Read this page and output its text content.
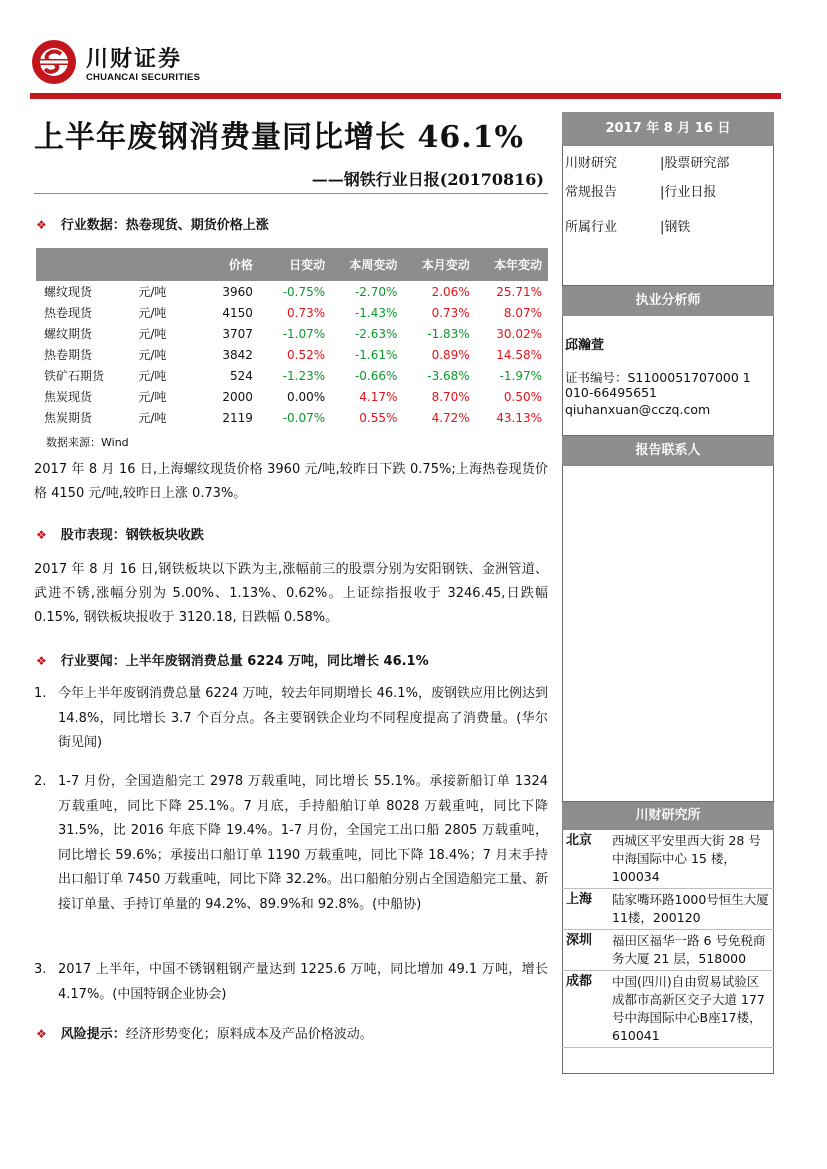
川财证券
CHUANCAI SECURITIES
上半年废钢消费量同比增长 46.1%
——钢铁行业日报(20170816)
❖ 行业数据：热卷现货、期货价格上涨
		价格	日变动	本周变动	本月变动	本年变动
螺纹现货	元/吨	3960	-0.75%	-2.70%	2.06%	25.71%
热卷现货	元/吨	4150	0.73%	-1.43%	0.73%	8.07%
螺纹期货	元/吨	3707	-1.07%	-2.63%	-1.83%	30.02%
热卷期货	元/吨	3842	0.52%	-1.61%	0.89%	14.58%
铁矿石期货	元/吨	524	-1.23%	-0.66%	-3.68%	-1.97%
焦炭现货	元/吨	2000	0.00%	4.17%	8.70%	0.50%
焦炭期货	元/吨	2119	-0.07%	0.55%	4.72%	43.13%
数据来源：Wind
2017 年 8 月 16 日,上海螺纹现货价格 3960 元/吨,较昨日下跌 0.75%;上海热卷现货价格 4150 元/吨,较昨日上涨 0.73%。
❖ 股市表现：钢铁板块收跌
2017 年 8 月 16 日,钢铁板块以下跌为主,涨幅前三的股票分别为安阳钢铁、金洲管道、武进不锈,涨幅分别为 5.00%、1.13%、0.62%。上证综指报收于 3246.45,日跌幅 0.15%, 钢铁板块报收于 3120.18, 日跌幅 0.58%。
❖ 行业要闻：上半年废钢消费总量 6224 万吨，同比增长 46.1%
1. 今年上半年废钢消费总量 6224 万吨，较去年同期增长 46.1%，废钢铁应用比例达到 14.8%，同比增长 3.7 个百分点。各主要钢铁企业均不同程度提高了消费量。(华尔街见闻)
2. 1-7 月份，全国造船完工 2978 万载重吨，同比增长 55.1%。承接新船订单 1324 万载重吨，同比下降 25.1%。7 月底，手持船舶订单 8028 万载重吨，同比下降 31.5%，比 2016 年底下降 19.4%。1-7 月份，全国完工出口船 2805 万载重吨，同比增长 59.6%；承接出口船订单 1190 万载重吨，同比下降 18.4%；7 月末手持出口船订单 7450 万载重吨，同比下降 32.2%。出口船舶分别占全国造船完工量、新接订单量、手持订单量的 94.2%、89.9%和 92.8%。(中船协)
3. 2017 上半年，中国不锈钢粗钢产量达到 1225.6 万吨，同比增加 49.1 万吨，增长 4.17%。(中国特钢企业协会)
❖ 风险提示：经济形势变化；原料成本及产品价格波动。
2017 年 8 月 16 日
川财研究	|股票研究部
常规报告	|行业日报
所属行业	|钢铁
执业分析师
邱瀚萱
证书编号：S1100051707000 1
010-66495651
qiuhanxuan@cczq.com
报告联系人
川财研究所
北京	西城区平安里西大街 28 号中海国际中心 15 楼，100034
上海	陆家嘴环路1000号恒生大厦11楼，200120
深圳	福田区福华一路 6 号免税商务大厦 21 层，518000
成都	中国(四川)自由贸易试验区成都市高新区交子大道 177 号中海国际中心B座17楼，610041
